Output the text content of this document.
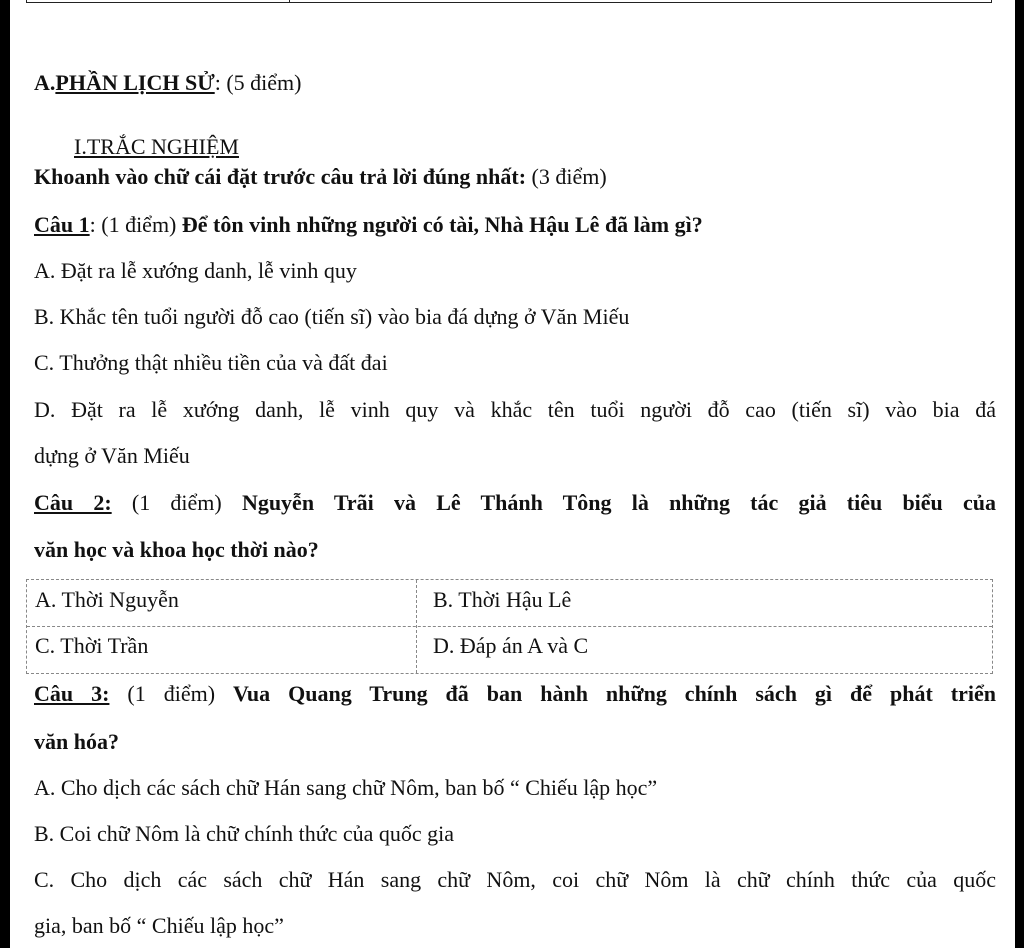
A.PHẦN LỊCH SỬ: (5 điểm)
I.TRẮC NGHIỆM
Khoanh vào chữ cái đặt trước câu trả lời đúng nhất: (3 điểm)
Câu 1: (1 điểm) Để tôn vinh những người có tài, Nhà Hậu Lê đã làm gì?
A. Đặt ra lễ xướng danh, lễ vinh quy
B. Khắc tên tuổi người đỗ cao (tiến sĩ) vào bia đá dựng ở Văn Miếu
C. Thưởng thật nhiều tiền của và đất đai
D. Đặt ra lễ xướng danh, lễ vinh quy và khắc tên tuổi người đỗ cao (tiến sĩ) vào bia đá
dựng ở Văn Miếu
Câu 2: (1 điểm) Nguyễn Trãi và Lê Thánh Tông là những tác giả tiêu biểu của
văn học và khoa học thời nào?
A. Thời Nguyễn	B. Thời Hậu Lê
C. Thời Trần	D. Đáp án A và C
Câu 3: (1 điểm) Vua Quang Trung đã ban hành những chính sách gì để phát triển
văn hóa?
A. Cho dịch các sách chữ Hán sang chữ Nôm, ban bố “ Chiếu lập học”
B. Coi chữ Nôm là chữ chính thức của quốc gia
C. Cho dịch các sách chữ Hán sang chữ Nôm, coi chữ Nôm là chữ chính thức của quốc
gia, ban bố “ Chiếu lập học”
